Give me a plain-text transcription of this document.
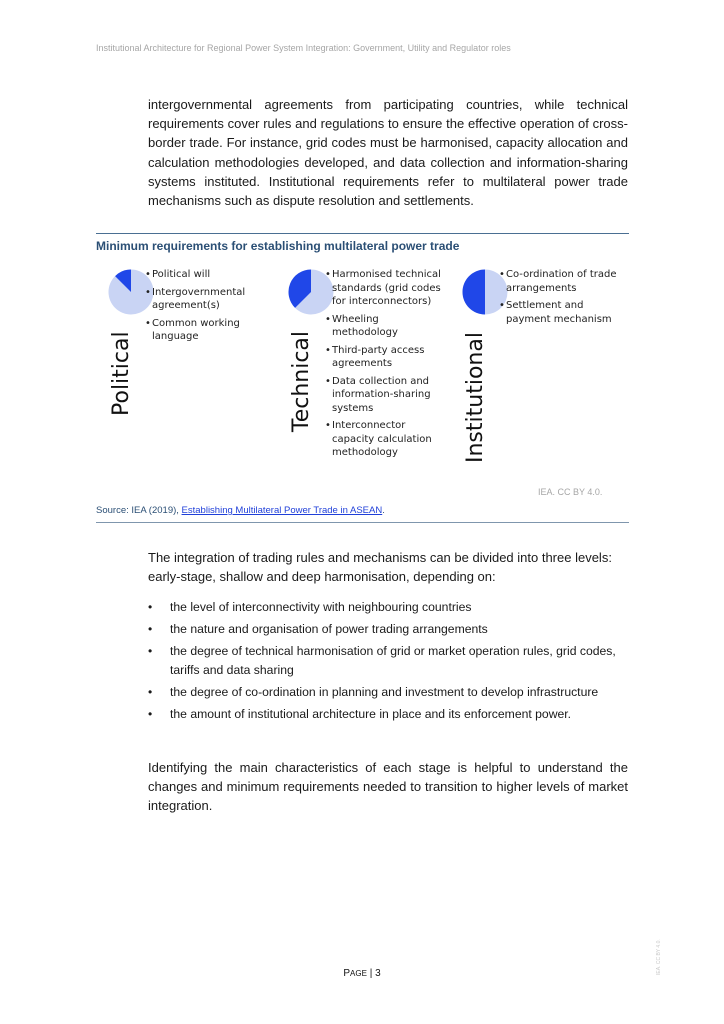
Institutional Architecture for Regional Power System Integration: Government, Utility and Regulator roles

intergovernmental agreements from participating countries, while technical requirements cover rules and regulations to ensure the effective operation of cross-border trade. For instance, grid codes must be harmonised, capacity allocation and calculation methodologies developed, and data collection and information-sharing systems instituted. Institutional requirements refer to multilateral power trade mechanisms such as dispute resolution and settlements.

Minimum requirements for establishing multilateral power trade
Political
•Political will
•Intergovernmental agreement(s)
•Common working language	Technical
•Harmonised technical standards (grid codes for interconnectors)
•Wheeling methodology
•Third-party access agreements
•Data collection and information-sharing systems
•Interconnector capacity calculation methodology	Institutional
•Co-ordination of trade arrangements
•Settlement and payment mechanism
IEA. CC BY 4.0.
Source: IEA (2019), Establishing Multilateral Power Trade in ASEAN.

The integration of trading rules and mechanisms can be divided into three levels: early-stage, shallow and deep harmonisation, depending on:

• the level of interconnectivity with neighbouring countries
• the nature and organisation of power trading arrangements
• the degree of technical harmonisation of grid or market operation rules, grid codes, tariffs and data sharing
• the degree of co-ordination in planning and investment to develop infrastructure
• the amount of institutional architecture in place and its enforcement power.

Identifying the main characteristics of each stage is helpful to understand the changes and minimum requirements needed to transition to higher levels of market integration.

IEA. CC BY 4.0.
PAGE | 3
